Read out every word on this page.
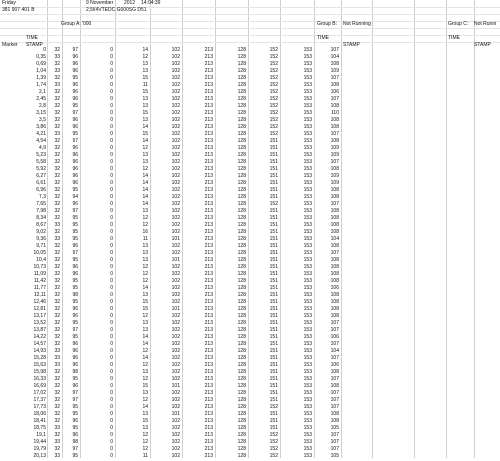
Friday	9 November 2012 14:04:39
381 907 401 B	2,5l/4VTEDC G000SG D51
Group A: '000	Group B: Not Running	Group C: Not Runni
TIME
STAMP
Marker
TIME
STAMP
TIME
STAMP
0	32	97	0	14	102	213	128	152	153	107
0,35	33	96	0	12	102	213	128	152	153	104
0,69	32	96	0	13	102	213	128	152	153	108
1,04	33	96	0	13	102	213	128	152	153	109
1,39	32	95	0	15	102	213	128	152	153	107
1,74	33	96	0	11	102	213	128	152	153	108
2,1	32	96	0	15	102	213	128	152	153	106
2,45	32	96	0	13	102	213	128	152	153	107
2,8	32	95	0	13	102	213	128	152	153	108
3,15	32	97	0	15	102	213	128	152	153	110
3,5	32	96	0	13	102	213	128	152	153	108
3,86	32	96	0	14	102	213	128	152	153	108
4,21	33	95	0	15	102	213	128	152	153	107
4,54	32	97	0	14	102	213	128	151	153	108
4,9	32	96	0	12	102	213	128	151	153	109
5,23	32	96	0	13	102	213	128	151	153	109
5,58	32	96	0	13	102	213	128	151	153	107
5,92	32	96	0	12	102	213	128	151	153	108
6,27	32	96	0	14	102	213	128	151	153	109
6,61	32	96	0	14	102	213	128	151	153	109
6,96	32	95	0	14	102	213	128	151	153	108
7,3	32	94	0	14	102	213	128	151	153	108
7,65	32	96	0	14	102	213	128	152	153	107
7,98	32	97	0	13	102	213	128	151	153	108
8,34	32	95	0	12	102	213	128	151	153	108
8,67	33	95	0	12	102	213	128	151	153	108
9,02	32	95	0	16	102	213	128	151	153	108
9,36	33	95	0	11	101	213	128	151	153	104
9,71	32	96	0	13	102	213	128	151	153	108
10,05	32	97	0	13	102	213	128	151	153	107
10,4	32	95	0	13	101	213	128	151	153	108
10,73	32	96	0	12	102	213	128	151	153	108
11,09	32	96	0	12	102	213	128	151	153	108
11,42	32	95	0	12	102	213	128	151	153	108
11,77	32	95	0	14	102	213	128	151	153	106
12,11	32	98	0	13	102	213	128	151	153	108
12,46	32	95	0	15	102	213	128	151	153	108
12,81	32	96	0	15	101	213	128	151	153	108
13,17	32	96	0	12	102	213	128	151	153	108
13,52	32	95	0	13	102	213	128	151	153	107
13,87	32	97	0	13	102	213	128	151	153	107
14,22	32	95	0	14	102	213	128	151	153	106
14,57	32	96	0	14	102	213	128	151	153	107
14,93	33	96	0	12	102	213	128	151	153	104
15,28	33	96	0	14	102	213	128	151	153	107
15,63	33	96	0	12	102	213	128	151	153	106
15,98	32	98	0	13	102	213	128	151	153	108
16,33	32	95	0	12	102	213	128	151	153	107
16,69	32	96	0	15	101	213	128	151	153	108
17,02	32	97	0	13	102	213	128	151	153	107
17,37	32	97	0	12	102	213	128	151	153	107
17,73	32	95	0	14	102	213	128	152	153	107
18,06	32	95	0	13	101	213	128	151	153	108
18,41	32	96	0	15	102	213	128	151	153	108
18,75	33	95	0	13	102	213	128	151	153	105
19,1	32	96	0	12	102	213	128	152	153	107
19,44	33	98	0	12	102	213	128	152	153	107
19,79	32	97	0	12	102	213	128	152	153	107
20,13	33	95	0	11	102	213	128	152	153	105
